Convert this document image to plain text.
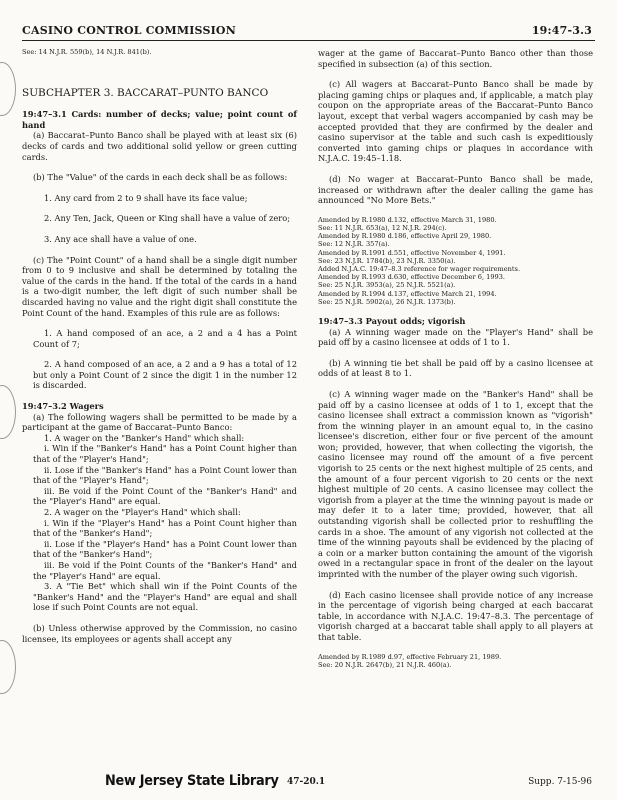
CASINO CONTROL COMMISSION	19:47-3.3

See: 14 N.J.R. 559(b), 14 N.J.R. 841(b).

SUBCHAPTER 3. BACCARAT–PUNTO BANCO

19:47–3.1 Cards: number of decks; value; point count of hand

(a) Baccarat–Punto Banco shall be played with at least six (6) decks of cards and two additional solid yellow or green cutting cards.

(b) The "Value" of the cards in each deck shall be as follows:

1. Any card from 2 to 9 shall have its face value;

2. Any Ten, Jack, Queen or King shall have a value of zero;

3. Any ace shall have a value of one.

(c) The "Point Count" of a hand shall be a single digit number from 0 to 9 inclusive and shall be determined by totaling the value of the cards in the hand. If the total of the cards in a hand is a two-digit number, the left digit of such number shall be discarded having no value and the right digit shall constitute the Point Count of the hand. Examples of this rule are as follows:

1. A hand composed of an ace, a 2 and a 4 has a Point Count of 7;

2. A hand composed of an ace, a 2 and a 9 has a total of 12 but only a Point Count of 2 since the digit 1 in the number 12 is discarded.

19:47–3.2 Wagers

(a) The following wagers shall be permitted to be made by a participant at the game of Baccarat–Punto Banco:

1. A wager on the "Banker's Hand" which shall:

i. Win if the "Banker's Hand" has a Point Count higher than that of the "Player's Hand";

ii. Lose if the "Banker's Hand" has a Point Count lower than that of the "Player's Hand";

iii. Be void if the Point Count of the "Banker's Hand" and the "Player's Hand" are equal.

2. A wager on the "Player's Hand" which shall:

i. Win if the "Player's Hand" has a Point Count higher than that of the "Banker's Hand";

ii. Lose if the "Player's Hand" has a Point Count lower than that of the "Banker's Hand";

iii. Be void if the Point Counts of the "Banker's Hand" and the "Player's Hand" are equal.

3. A "Tie Bet" which shall win if the Point Counts of the "Banker's Hand" and the "Player's Hand" are equal and shall lose if such Point Counts are not equal.

(b) Unless otherwise approved by the Commission, no casino licensee, its employees or agents shall accept any

wager at the game of Baccarat–Punto Banco other than those specified in subsection (a) of this section.

(c) All wagers at Baccarat–Punto Banco shall be made by placing gaming chips or plaques and, if applicable, a match play coupon on the appropriate areas of the Baccarat–Punto Banco layout, except that verbal wagers accompanied by cash may be accepted provided that they are confirmed by the dealer and casino supervisor at the table and such cash is expeditiously converted into gaming chips or plaques in accordance with N.J.A.C. 19:45–1.18.

(d) No wager at Baccarat–Punto Banco shall be made, increased or withdrawn after the dealer calling the game has announced "No More Bets."

Amended by R.1980 d.132, effective March 31, 1980.

See: 11 N.J.R. 653(a), 12 N.J.R. 294(c).

Amended by R.1980 d.186, effective April 29, 1980.

See: 12 N.J.R. 357(a).

Amended by R.1991 d.551, effective November 4, 1991.

See: 23 N.J.R. 1784(b), 23 N.J.R. 3350(a).

Added N.J.A.C. 19:47–8.3 reference for wager requirements.

Amended by R.1993 d.630, effective December 6, 1993.

See: 25 N.J.R. 3953(a), 25 N.J.R. 5521(a).

Amended by R.1994 d.137, effective March 21, 1994.

See: 25 N.J.R. 5902(a), 26 N.J.R. 1373(b).

19:47–3.3 Payout odds; vigorish

(a) A winning wager made on the "Player's Hand" shall be paid off by a casino licensee at odds of 1 to 1.

(b) A winning tie bet shall be paid off by a casino licensee at odds of at least 8 to 1.

(c) A winning wager made on the "Banker's Hand" shall be paid off by a casino licensee at odds of 1 to 1, except that the casino licensee shall extract a commission known as "vigorish" from the winning player in an amount equal to, in the casino licensee's discretion, either four or five percent of the amount won; provided, however, that when collecting the vigorish, the casino licensee may round off the amount of a five percent vigorish to 25 cents or the next highest multiple of 25 cents, and the amount of a four percent vigorish to 20 cents or the next highest multiple of 20 cents. A casino licensee may collect the vigorish from a player at the time the winning payout is made or may defer it to a later time; provided, however, that all outstanding vigorish shall be collected prior to reshuffling the cards in a shoe. The amount of any vigorish not collected at the time of the winning payouts shall be evidenced by the placing of a coin or a marker button containing the amount of the vigorish owed in a rectangular space in front of the dealer on the layout imprinted with the number of the player owing such vigorish.

(d) Each casino licensee shall provide notice of any increase in the percentage of vigorish being charged at each baccarat table, in accordance with N.J.A.C. 19:47–8.3. The percentage of vigorish charged at a baccarat table shall apply to all players at that table.

Amended by R.1989 d.97, effective February 21, 1989.

See: 20 N.J.R. 2647(b), 21 N.J.R. 460(a).

New Jersey State Library 47-20.1	Supp. 7-15-96
